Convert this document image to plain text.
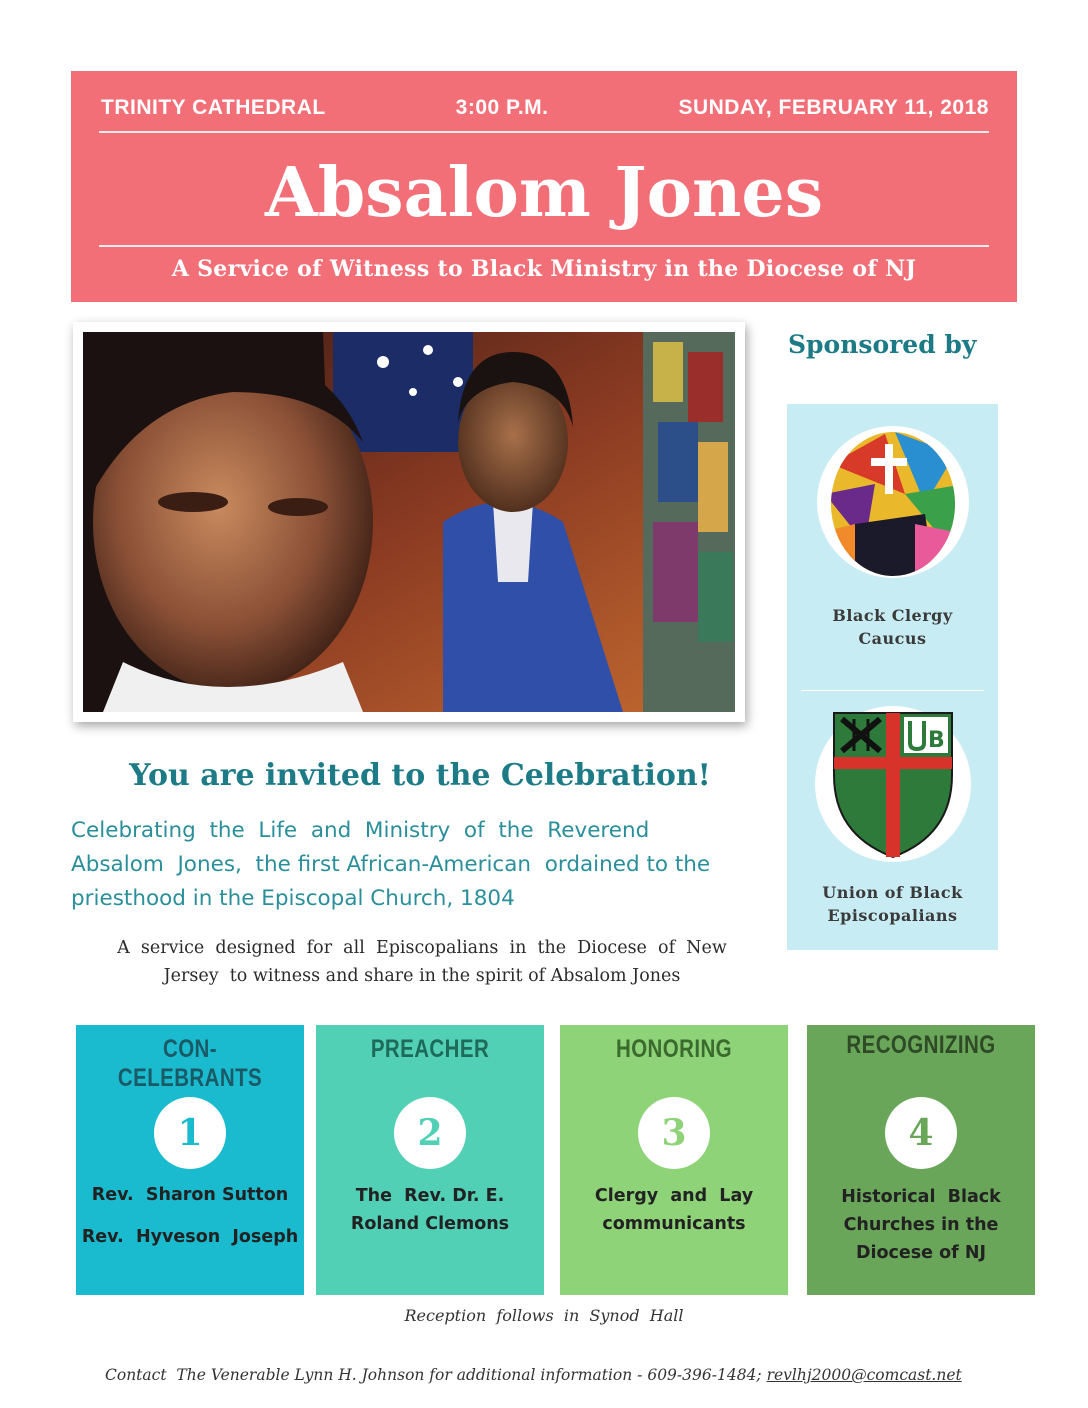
TRINITY CATHEDRAL	3:00 P.M.	SUNDAY, FEBRUARY 11, 2018
Absalom Jones
A Service of Witness to Black Ministry in the Diocese of NJ
Sponsored by
Black Clergy
Caucus
B
Union of Black
Episcopalians
You are invited to the Celebration!
Celebrating  the  Life  and  Ministry  of  the  Reverend
Absalom  Jones,  the first African-American  ordained to the
priesthood in the Episcopal Church, 1804
A  service  designed  for  all  Episcopalians  in  the  Diocese  of  New
Jersey  to witness and share in the spirit of Absalom Jones
CON-CELEBRANTS
1
Rev.  Sharon Sutton
Rev.  Hyveson  Joseph
PREACHER
2
The  Rev. Dr. E.
Roland Clemons
HONORING
3
Clergy  and  Lay
communicants
RECOGNIZING
4
Historical  Black
Churches in the
Diocese of NJ
Reception  follows  in  Synod  Hall
Contact  The Venerable Lynn H. Johnson for additional information - 609-396-1484; revlhj2000@comcast.net
